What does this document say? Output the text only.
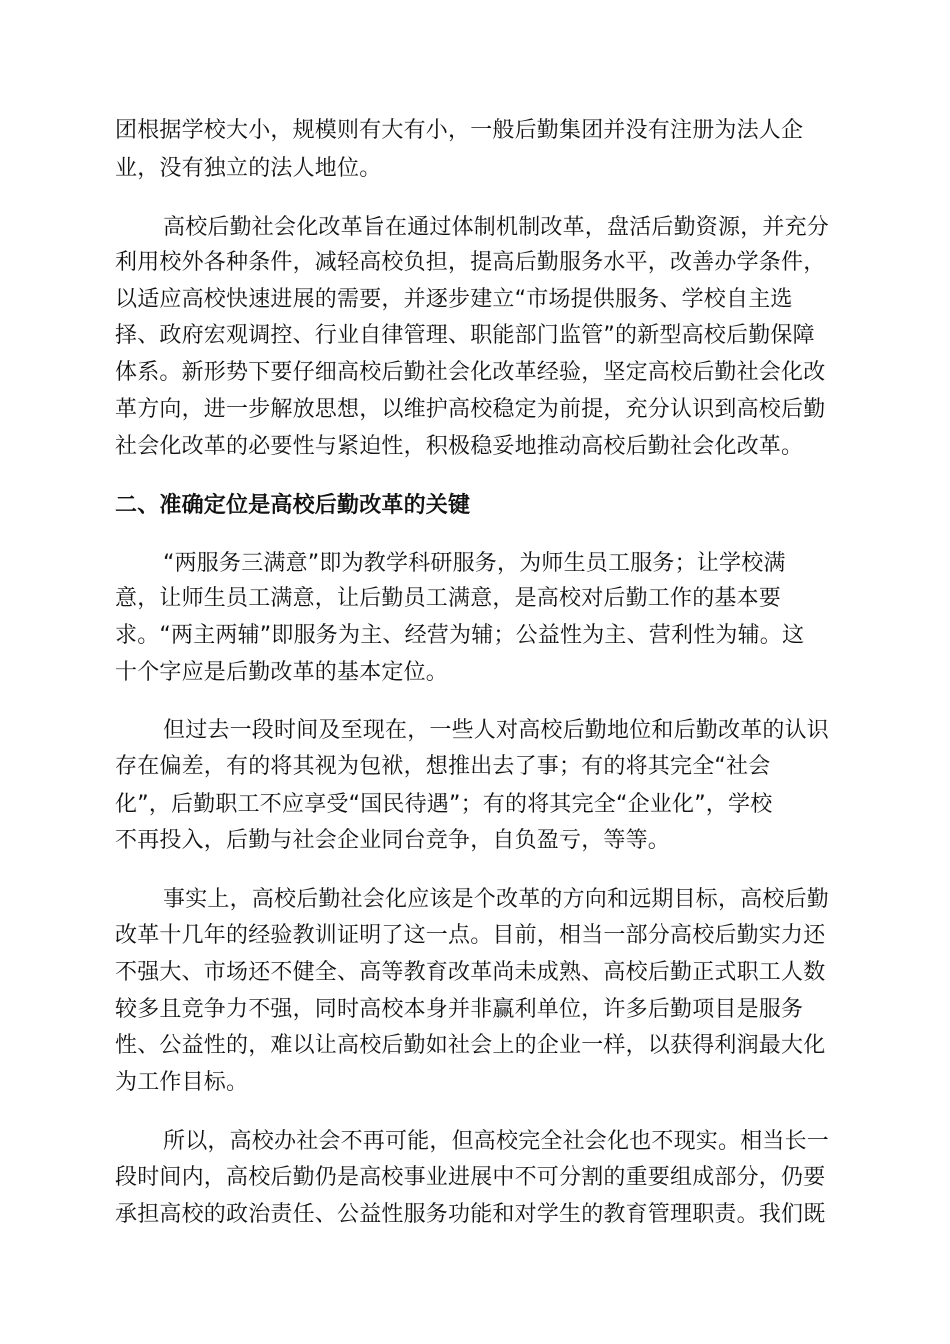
团根据学校大小，规模则有大有小，一般后勤集团并没有注册为法人企
业，没有独立的法人地位。
高校后勤社会化改革旨在通过体制机制改革，盘活后勤资源，并充分
利用校外各种条件，减轻高校负担，提高后勤服务水平，改善办学条件，
以适应高校快速进展的需要，并逐步建立“市场提供服务、学校自主选
择、政府宏观调控、行业自律管理、职能部门监管”的新型高校后勤保障
体系。新形势下要仔细高校后勤社会化改革经验，坚定高校后勤社会化改
革方向，进一步解放思想，以维护高校稳定为前提，充分认识到高校后勤
社会化改革的必要性与紧迫性，积极稳妥地推动高校后勤社会化改革。
二、准确定位是高校后勤改革的关键
“两服务三满意”即为教学科研服务，为师生员工服务；让学校满
意，让师生员工满意，让后勤员工满意，是高校对后勤工作的基本要
求。“两主两辅”即服务为主、经营为辅；公益性为主、营利性为辅。这
十个字应是后勤改革的基本定位。
但过去一段时间及至现在，一些人对高校后勤地位和后勤改革的认识
存在偏差，有的将其视为包袱，想推出去了事；有的将其完全“社会
化”，后勤职工不应享受“国民待遇”；有的将其完全“企业化”，学校
不再投入，后勤与社会企业同台竞争，自负盈亏，等等。
事实上，高校后勤社会化应该是个改革的方向和远期目标，高校后勤
改革十几年的经验教训证明了这一点。目前，相当一部分高校后勤实力还
不强大、市场还不健全、高等教育改革尚未成熟、高校后勤正式职工人数
较多且竞争力不强，同时高校本身并非赢利单位，许多后勤项目是服务
性、公益性的，难以让高校后勤如社会上的企业一样，以获得利润最大化
为工作目标。
所以，高校办社会不再可能，但高校完全社会化也不现实。相当长一
段时间内，高校后勤仍是高校事业进展中不可分割的重要组成部分，仍要
承担高校的政治责任、公益性服务功能和对学生的教育管理职责。我们既
